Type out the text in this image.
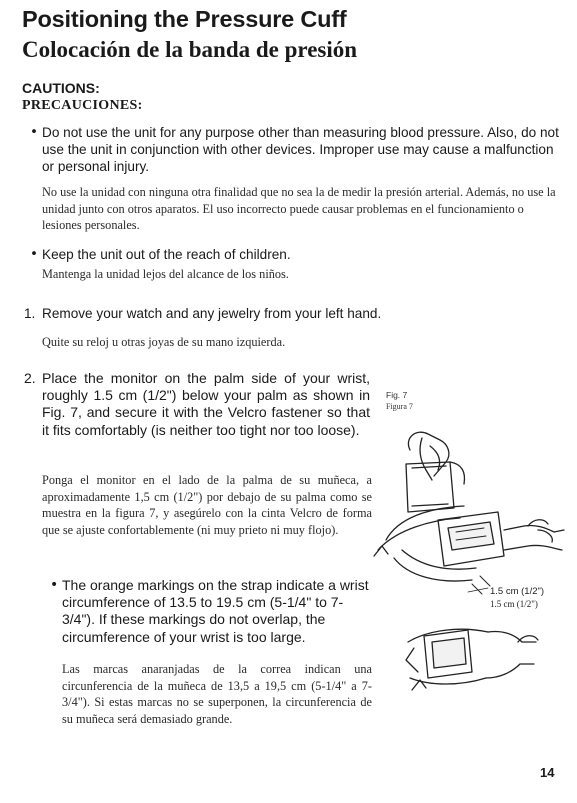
Positioning the Pressure Cuff
Colocación de la banda de presión
CAUTIONS:
PRECAUCIONES:
• Do not use the unit for any purpose other than measuring blood pressure. Also, do not use the unit in conjunction with other devices. Improper use may cause a malfunction or personal injury.
No use la unidad con ninguna otra finalidad que no sea la de medir la presión arterial. Además, no use la unidad junto con otros aparatos. El uso incorrecto puede causar problemas en el funcionamiento o lesiones personales.
• Keep the unit out of the reach of children.
Mantenga la unidad lejos del alcance de los niños.
1. Remove your watch and any jewelry from your left hand.
Quite su reloj u otras joyas de su mano izquierda.
2. Place the monitor on the palm side of your wrist, roughly 1.5 cm (1/2") below your palm as shown in Fig. 7, and secure it with the Velcro fastener so that it fits comfortably (is neither too tight nor too loose).
Ponga el monitor en el lado de la palma de su muñeca, a aproximadamente 1,5 cm (1/2") por debajo de su palma como se muestra en la figura 7, y asegúrelo con la cinta Velcro de forma que se ajuste confortablemente (ni muy prieto ni muy flojo).
• The orange markings on the strap indicate a wrist circumference of 13.5 to 19.5 cm (5-1/4" to 7-3/4"). If these markings do not overlap, the circumference of your wrist is too large.
Las marcas anaranjadas de la correa indican una circunferencia de la muñeca de 13,5 a 19,5 cm (5-1/4" a 7-3/4"). Si estas marcas no se superponen, la circunferencia de su muñeca será demasiado grande.
Fig. 7
Figura 7
1.5 cm (1/2")
1.5 cm (1/2")
14
